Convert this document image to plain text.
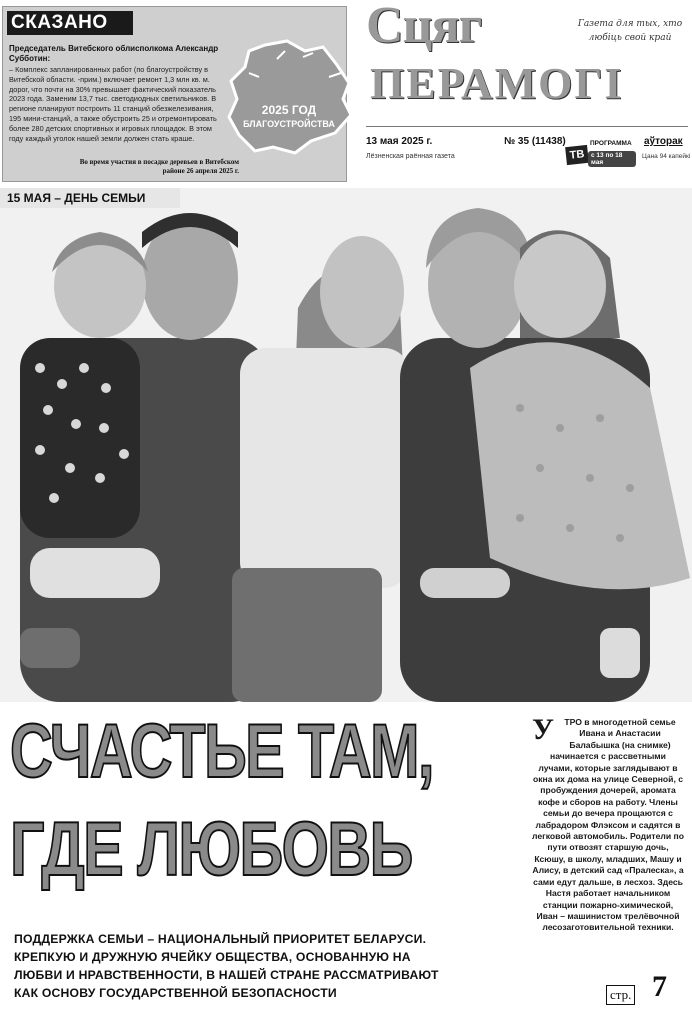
СКАЗАНО
Председатель Витебского облисполкома Александр Субботин:
– Комплекс запланированных работ (по благоустройству в Витебской области. -прим.) включает ремонт 1,3 млн кв. м. дорог, что почти на 30% превышает фактический показатель 2023 года. Заменим 13,7 тыс. светодиодных светильников. В регионе планируют построить 11 станций обезжелезивания, 195 мини-станций, а также обустроить 25 и отремонтировать более 280 детских спортивных и игровых площадок. В этом году каждый уголок нашей земли должен стать краше.
Во время участия в посадке деревьев в Витебском районе 26 апреля 2025 г.
2025 ГОД
БЛАГОУСТРОЙСТВА
Сцяг	Газета для тых, хто любіць свой край
ПЕРАМОГІ
13 мая 2025 г.	№ 35 (11438)
Лёзненская раённая газета	ТВ
ПРОГРАММА
с 13 по 18 мая
аўторак
Цана 94 капейкі
15 МАЯ – ДЕНЬ СЕМЬИ
СЧАСТЬЕ ТАМ,
ГДЕ ЛЮБОВЬ
ПОДДЕРЖКА СЕМЬИ – НАЦИОНАЛЬНЫЙ ПРИОРИТЕТ БЕЛАРУСИ. КРЕПКУЮ И ДРУЖНУЮ ЯЧЕЙКУ ОБЩЕСТВА, ОСНОВАННУЮ НА ЛЮБВИ И НРАВСТВЕННОСТИ, В НАШЕЙ СТРАНЕ РАССМАТРИВАЮТ КАК ОСНОВУ ГОСУДАРСТВЕННОЙ БЕЗОПАСНОСТИ
У ТРО в многодетной семье Ивана и Анастасии Балабышка (на снимке) начинается с рассветными лучами, которые заглядывают в окна их дома на улице Северной, с пробуждения дочерей, аромата кофе и сборов на работу. Члены семьи до вечера прощаются с лабрадором Флэксом и садятся в легковой автомобиль. Родители по пути отвозят старшую дочь, Ксюшу, в школу, младших, Машу и Алису, в детский сад «Пралеска», а сами едут дальше, в лесхоз. Здесь Настя работает начальником станции пожарно-химической, Иван – машинистом трелёвочной лесозаготовительной техники.
стр. 7
